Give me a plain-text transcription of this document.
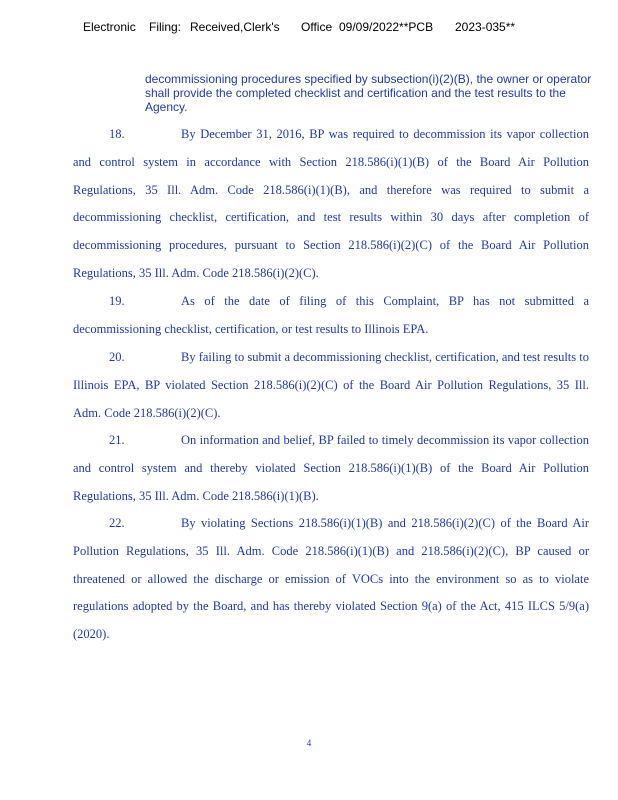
Electronic Filing: Received,Clerk's Office 09/09/2022**PCB 2023-035**
decommissioning procedures specified by subsection(i)(2)(B), the owner or operator shall provide the completed checklist and certification and the test results to the Agency.
18.	By December 31, 2016, BP was required to decommission its vapor collection and control system in accordance with Section 218.586(i)(1)(B) of the Board Air Pollution Regulations, 35 Ill. Adm. Code 218.586(i)(1)(B), and therefore was required to submit a decommissioning checklist, certification, and test results within 30 days after completion of decommissioning procedures, pursuant to Section 218.586(i)(2)(C) of the Board Air Pollution Regulations, 35 Ill. Adm. Code 218.586(i)(2)(C).
19.	As of the date of filing of this Complaint, BP has not submitted a decommissioning checklist, certification, or test results to Illinois EPA.
20.	By failing to submit a decommissioning checklist, certification, and test results to Illinois EPA, BP violated Section 218.586(i)(2)(C) of the Board Air Pollution Regulations, 35 Ill. Adm. Code 218.586(i)(2)(C).
21.	On information and belief, BP failed to timely decommission its vapor collection and control system and thereby violated Section 218.586(i)(1)(B) of the Board Air Pollution Regulations, 35 Ill. Adm. Code 218.586(i)(1)(B).
22.	By violating Sections 218.586(i)(1)(B) and 218.586(i)(2)(C) of the Board Air Pollution Regulations, 35 Ill. Adm. Code 218.586(i)(1)(B) and 218.586(i)(2)(C), BP caused or threatened or allowed the discharge or emission of VOCs into the environment so as to violate regulations adopted by the Board, and has thereby violated Section 9(a) of the Act, 415 ILCS 5/9(a) (2020).
4
